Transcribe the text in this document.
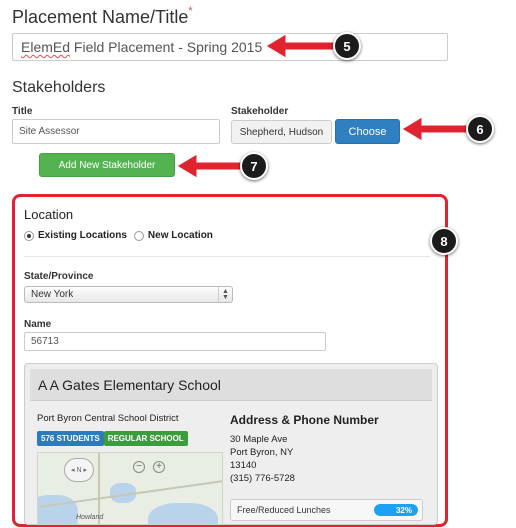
Placement Name/Title*
ElemEd Field Placement - Spring 2015
Stakeholders
Title
Site Assessor
Stakeholder
Shepherd, Hudson	Choose
Add New Stakeholder
5
6
7
8
Location
Existing Locations New Location
State/Province
New York	▲
▼
Name
56713
A A Gates Elementary School
Port Byron Central School District
576 STUDENTS	REGULAR SCHOOL
◂ N ▸	−	+
Howland
Address & Phone Number
30 Maple Ave
Port Byron, NY
13140
(315) 776-5728
Free/Reduced Lunches	32%
